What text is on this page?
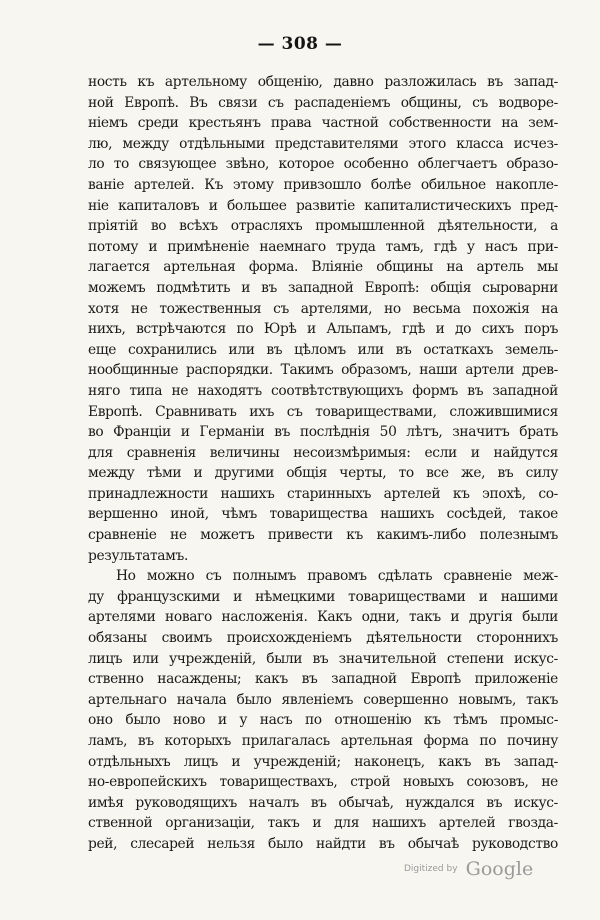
— 308 —
ность къ артельному общенію, давно разложилась въ запад-
ной Европѣ. Въ связи съ распаденіемъ общины, съ водворе-
ніемъ среди крестьянъ права частной собственности на зем-
лю, между отдѣльными представителями этого класса исчез-
ло то связующее звѣно, которое особенно облегчаетъ образо-
ваніе артелей. Къ этому привзошло болѣе обильное накопле-
ніе капиталовъ и большее развитіе капиталистическихъ пред-
пріятій во всѣхъ отрасляхъ промышленной дѣятельности, а
потому и примѣненіе наемнаго труда тамъ, гдѣ у насъ при-
лагается артельная форма. Вліяніе общины на артель мы
можемъ подмѣтить и въ западной Европѣ: общія сыроварни
хотя не тожественныя съ артелями, но весьма похожія на
нихъ, встрѣчаются по Юрѣ и Альпамъ, гдѣ и до сихъ поръ
еще сохранились или въ цѣломъ или въ остаткахъ земель-
нообщинные распорядки. Такимъ образомъ, наши артели древ-
няго типа не находятъ соотвѣтствующихъ формъ въ западной
Европѣ. Сравнивать ихъ съ товариществами, сложившимися
во Франціи и Германіи въ послѣднія 50 лѣтъ, значитъ брать
для сравненія величины несоизмѣримыя: если и найдутся
между тѣми и другими общія черты, то все же, въ силу
принадлежности нашихъ старинныхъ артелей къ эпохѣ, со-
вершенно иной, чѣмъ товарищества нашихъ сосѣдей, такое
сравненіе не можетъ привести къ какимъ-либо полезнымъ
результатамъ.
Но можно съ полнымъ правомъ сдѣлать сравненіе меж-
ду французскими и нѣмецкими товариществами и нашими
артелями новаго насложенія. Какъ одни, такъ и другія были
обязаны своимъ происхожденіемъ дѣятельности стороннихъ
лицъ или учрежденій, были въ значительной степени искус-
ственно насаждены; какъ въ западной Европѣ приложеніе
артельнаго начала было явленіемъ совершенно новымъ, такъ
оно было ново и у насъ по отношенію къ тѣмъ промыс-
ламъ, въ которыхъ прилагалась артельная форма по почину
отдѣльныхъ лицъ и учрежденій; наконецъ, какъ въ запад-
но-европейскихъ товариществахъ, строй новыхъ союзовъ, не
имѣя руководящихъ началъ въ обычаѣ, нуждался въ искус-
ственной организаціи, такъ и для нашихъ артелей гвозда-
рей, слесарей нельзя было найдти въ обычаѣ руководство
Digitized by Google
